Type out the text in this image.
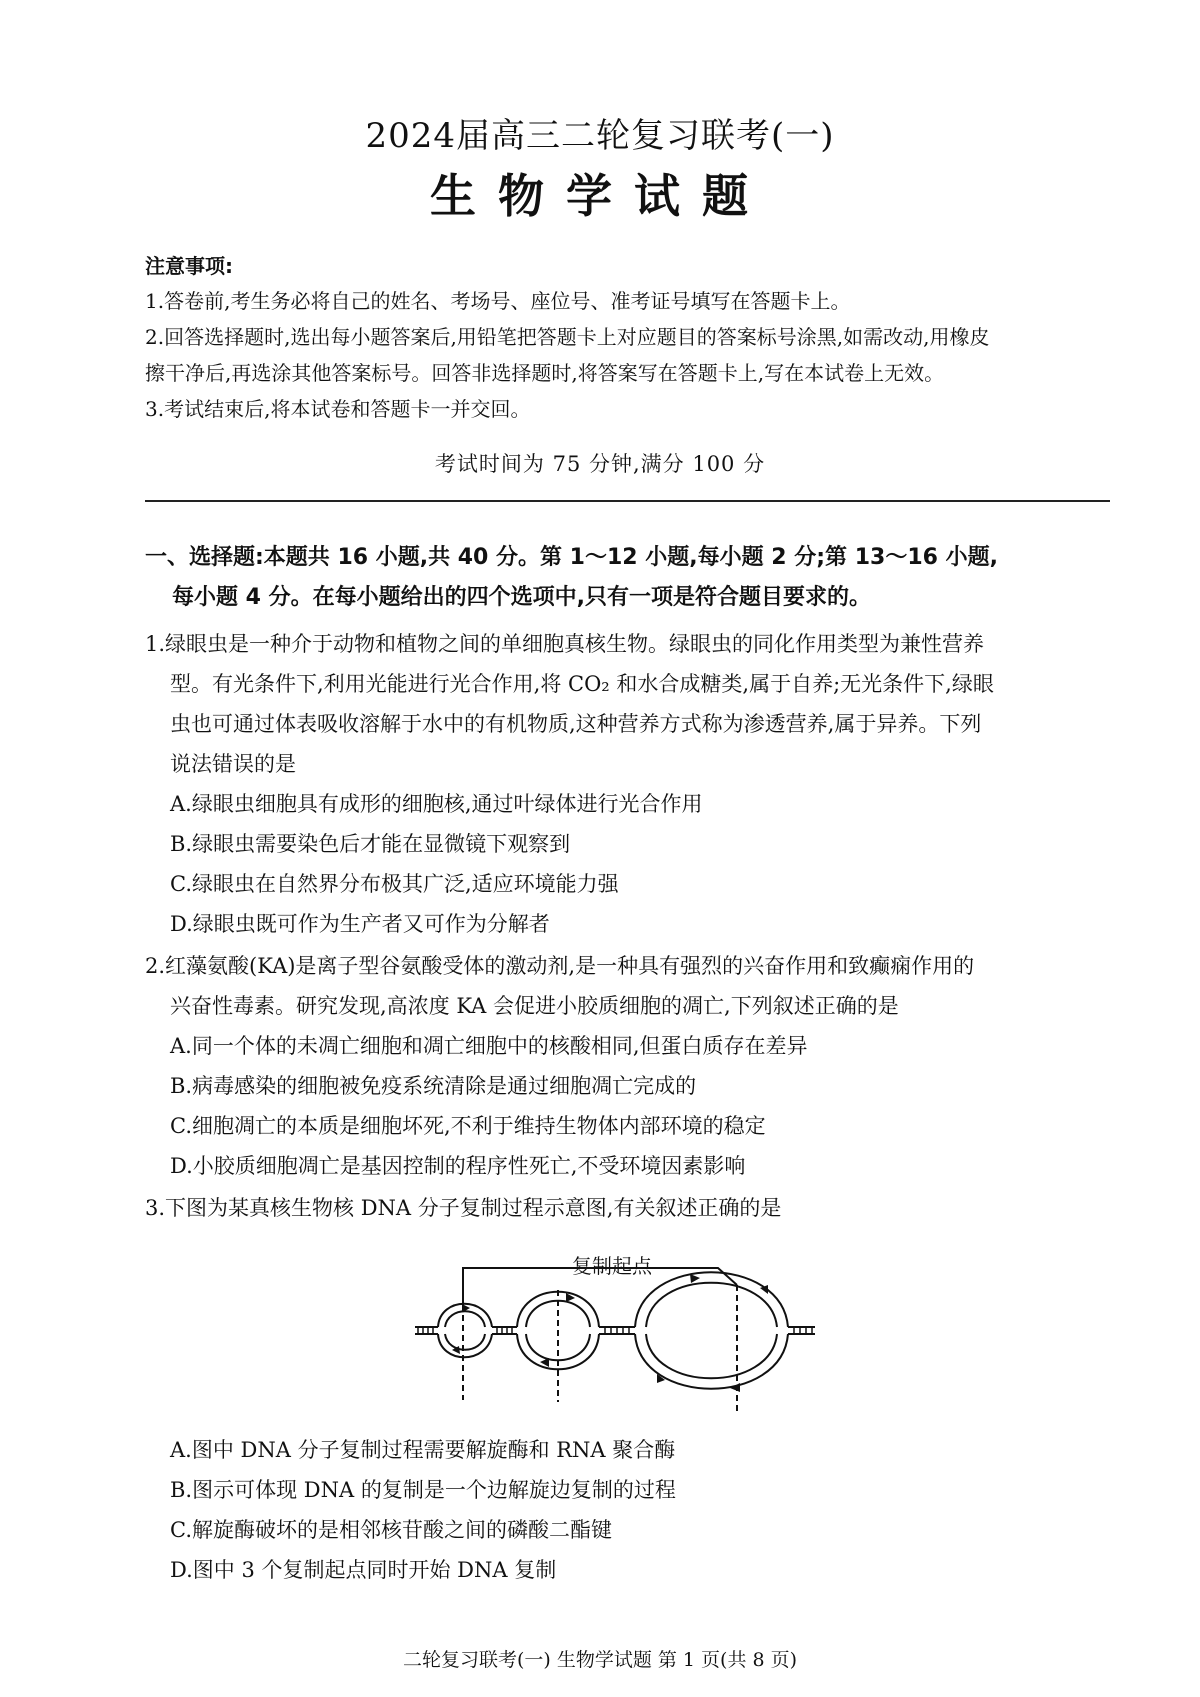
2024届高三二轮复习联考(一)
生物学试题
注意事项:
1.答卷前,考生务必将自己的姓名、考场号、座位号、准考证号填写在答题卡上。
2.回答选择题时,选出每小题答案后,用铅笔把答题卡上对应题目的答案标号涂黑,如需改动,用橡皮
擦干净后,再选涂其他答案标号。回答非选择题时,将答案写在答题卡上,写在本试卷上无效。
3.考试结束后,将本试卷和答题卡一并交回。
考试时间为 75 分钟,满分 100 分
一、选择题:本题共 16 小题,共 40 分。第 1～12 小题,每小题 2 分;第 13～16 小题,
每小题 4 分。在每小题给出的四个选项中,只有一项是符合题目要求的。
1.绿眼虫是一种介于动物和植物之间的单细胞真核生物。绿眼虫的同化作用类型为兼性营养
型。有光条件下,利用光能进行光合作用,将 CO₂ 和水合成糖类,属于自养;无光条件下,绿眼
虫也可通过体表吸收溶解于水中的有机物质,这种营养方式称为渗透营养,属于异养。下列
说法错误的是
A.绿眼虫细胞具有成形的细胞核,通过叶绿体进行光合作用
B.绿眼虫需要染色后才能在显微镜下观察到
C.绿眼虫在自然界分布极其广泛,适应环境能力强
D.绿眼虫既可作为生产者又可作为分解者
2.红藻氨酸(KA)是离子型谷氨酸受体的激动剂,是一种具有强烈的兴奋作用和致癫痫作用的
兴奋性毒素。研究发现,高浓度 KA 会促进小胶质细胞的凋亡,下列叙述正确的是
A.同一个体的未凋亡细胞和凋亡细胞中的核酸相同,但蛋白质存在差异
B.病毒感染的细胞被免疫系统清除是通过细胞凋亡完成的
C.细胞凋亡的本质是细胞坏死,不利于维持生物体内部环境的稳定
D.小胶质细胞凋亡是基因控制的程序性死亡,不受环境因素影响
3.下图为某真核生物核 DNA 分子复制过程示意图,有关叙述正确的是
复制起点
A.图中 DNA 分子复制过程需要解旋酶和 RNA 聚合酶
B.图示可体现 DNA 的复制是一个边解旋边复制的过程
C.解旋酶破坏的是相邻核苷酸之间的磷酸二酯键
D.图中 3 个复制起点同时开始 DNA 复制
二轮复习联考(一) 生物学试题 第 1 页(共 8 页)
